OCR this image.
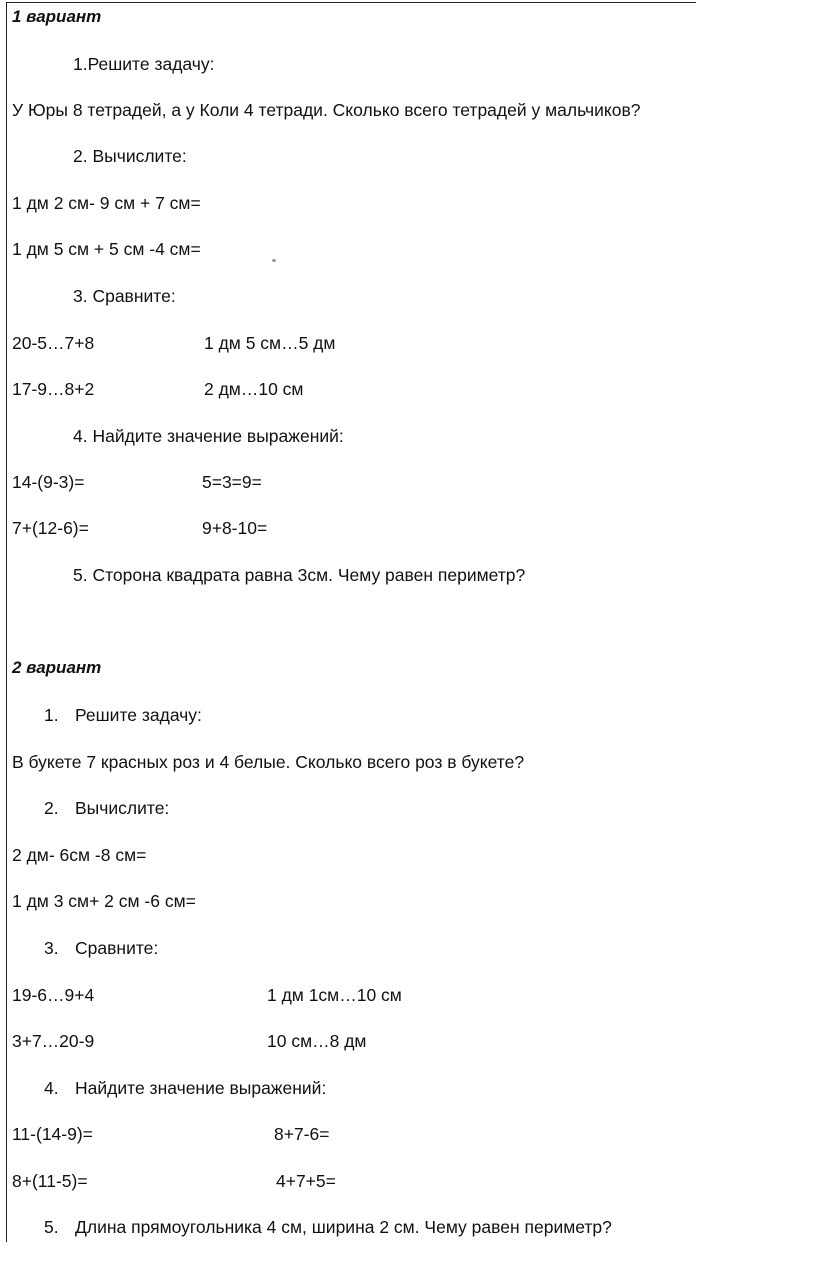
1 вариант
1.Решите задачу:
У Юры 8 тетрадей, а у Коли 4 тетради. Сколько всего тетрадей у мальчиков?
2. Вычислите:
1 дм 2 см- 9 см + 7 см=
1 дм 5 см + 5 см -4 см=
3. Сравните:
20-5…7+8	1 дм 5 см…5 дм
17-9…8+2	2 дм…10 см
4. Найдите значение выражений:
14-(9-3)=	5=3=9=
7+(12-6)=	9+8-10=
5. Сторона квадрата равна 3см. Чему равен периметр?
2 вариант
1. Решите задачу:
В букете 7 красных роз и 4 белые. Сколько всего роз в букете?
2. Вычислите:
2 дм- 6см -8 см=
1 дм 3 см+ 2 см -6 см=
3. Сравните:
19-6…9+4	1 дм 1см…10 см
3+7…20-9	10 см…8 дм
4. Найдите значение выражений:
11-(14-9)=	8+7-6=
8+(11-5)=	4+7+5=
5. Длина прямоугольника 4 см, ширина 2 см. Чему равен периметр?
